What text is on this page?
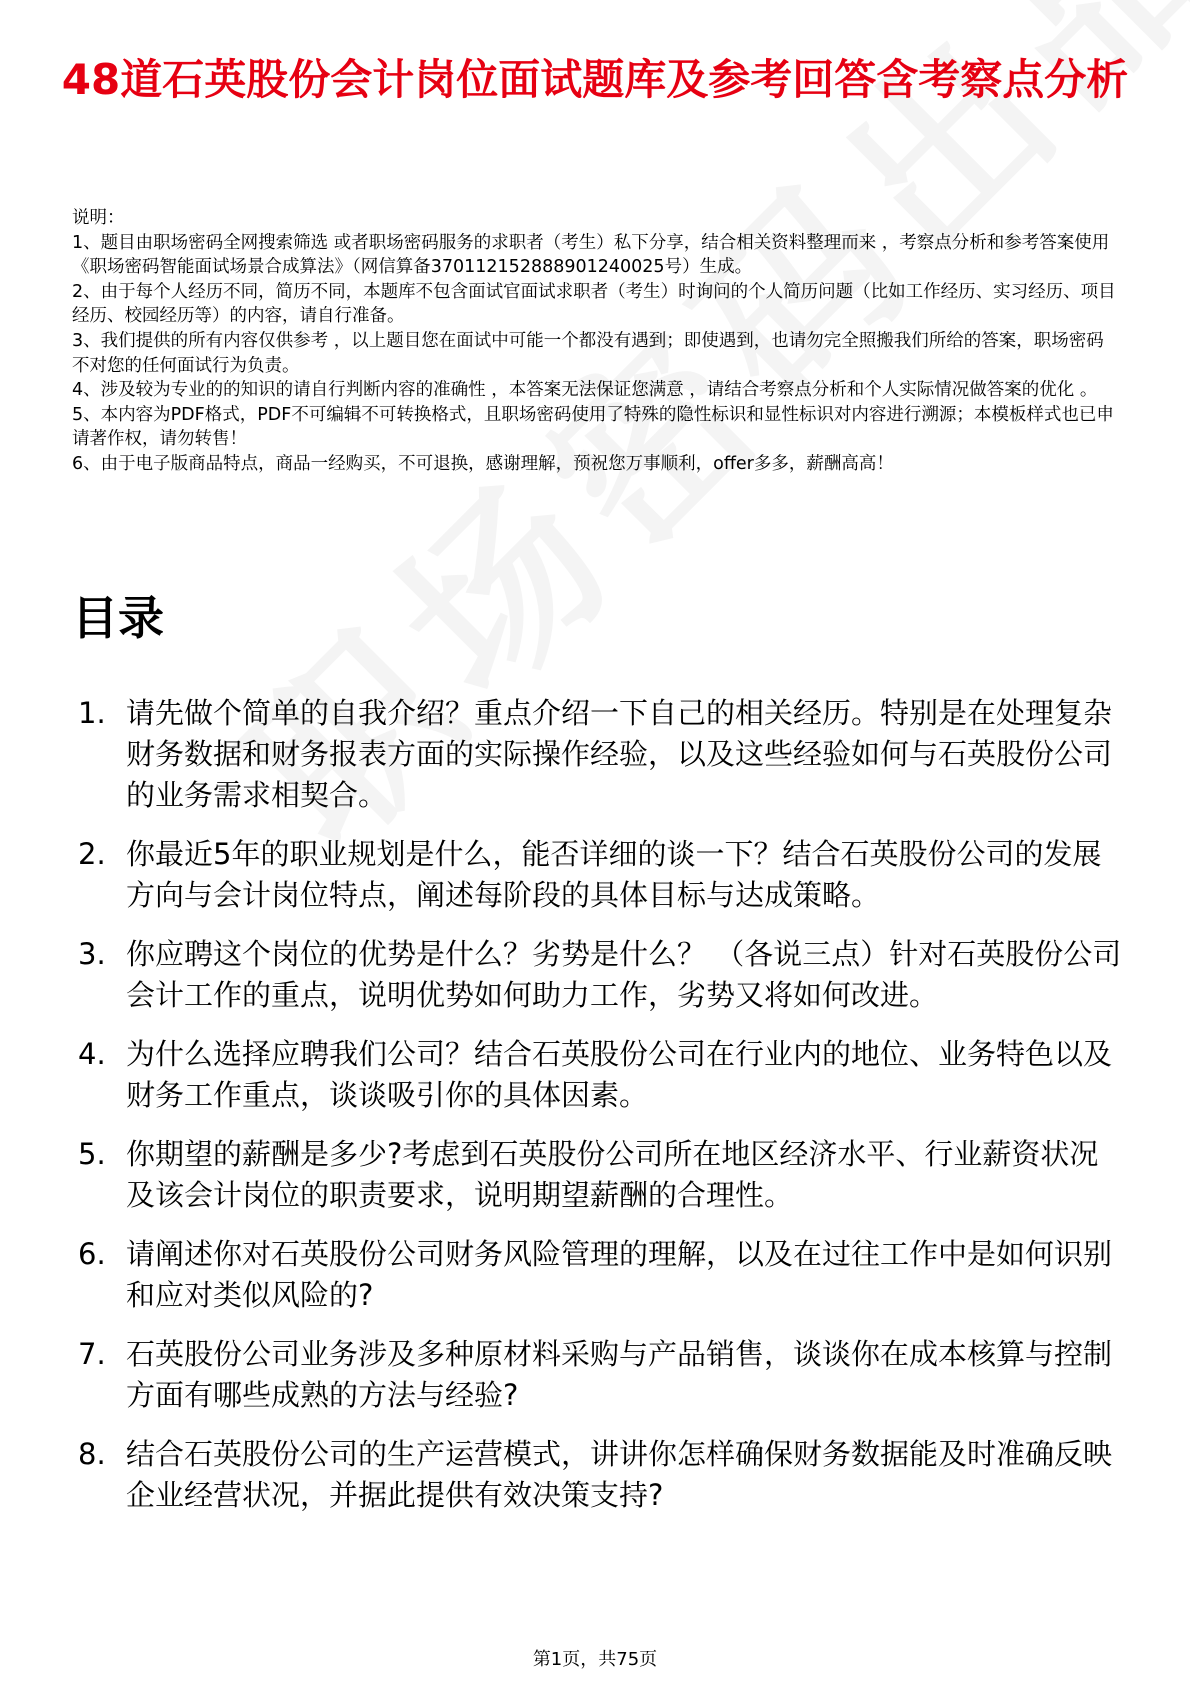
48道石英股份会计岗位面试题库及参考回答含考察点分析

说明：

1、题目由职场密码全网搜索筛选 或者职场密码服务的求职者（考生）私下分享，结合相关资料整理而来 ，考察点分析和参考答案使用《职场密码智能面试场景合成算法》（网信算备370112152888901240025号）生成。

2、由于每个人经历不同，简历不同，本题库不包含面试官面试求职者（考生）时询问的个人简历问题（比如工作经历、实习经历、项目经历、校园经历等）的内容，请自行准备。

3、我们提供的所有内容仅供参考 ，以上题目您在面试中可能一个都没有遇到；即使遇到，也请勿完全照搬我们所给的答案，职场密码不对您的任何面试行为负责。

4、涉及较为专业的的知识的请自行判断内容的准确性 ，本答案无法保证您满意 ，请结合考察点分析和个人实际情况做答案的优化 。

5、本内容为PDF格式，PDF不可编辑不可转换格式，且职场密码使用了特殊的隐性标识和显性标识对内容进行溯源；本模板样式也已申请著作权，请勿转售！

6、由于电子版商品特点，商品一经购买，不可退换，感谢理解，预祝您万事顺利，offer多多，薪酬高高！

目录
1. 请先做个简单的自我介绍？重点介绍一下自己的相关经历。特别是在处理复杂财务数据和财务报表方面的实际操作经验，以及这些经验如何与石英股份公司的业务需求相契合。
2. 你最近5年的职业规划是什么，能否详细的谈一下？结合石英股份公司的发展方向与会计岗位特点，阐述每阶段的具体目标与达成策略。
3. 你应聘这个岗位的优势是什么？劣势是什么？ （各说三点）针对石英股份公司会计工作的重点，说明优势如何助力工作，劣势又将如何改进。
4. 为什么选择应聘我们公司？结合石英股份公司在行业内的地位、业务特色以及财务工作重点，谈谈吸引你的具体因素。
5. 你期望的薪酬是多少?考虑到石英股份公司所在地区经济水平、行业薪资状况及该会计岗位的职责要求，说明期望薪酬的合理性。
6. 请阐述你对石英股份公司财务风险管理的理解，以及在过往工作中是如何识别和应对类似风险的?
7. 石英股份公司业务涉及多种原材料采购与产品销售，谈谈你在成本核算与控制方面有哪些成熟的方法与经验?
8. 结合石英股份公司的生产运营模式，讲讲你怎样确保财务数据能及时准确反映企业经营状况，并据此提供有效决策支持?
第1页，共75页
